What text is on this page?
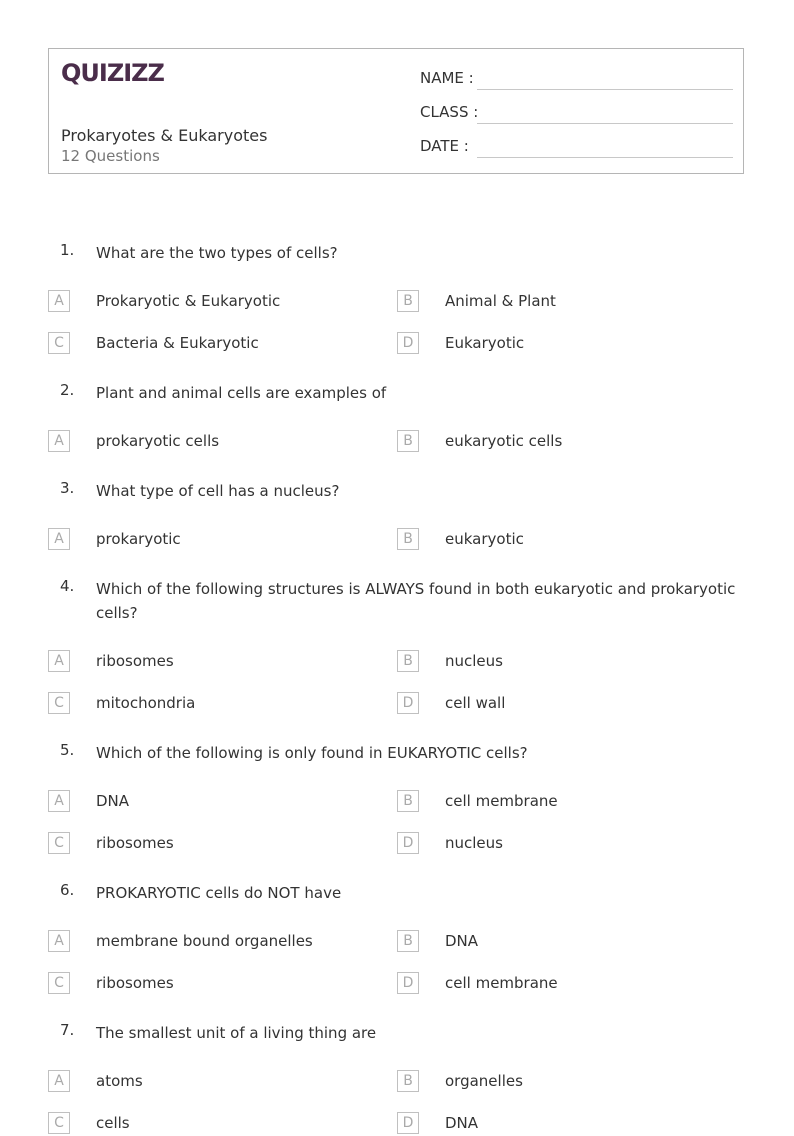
QUIZIZZ
Prokaryotes & Eukaryotes
12 Questions
NAME :
CLASS :
DATE :
1. What are the two types of cells?
A	Prokaryotic & Eukaryotic	B	Animal & Plant
C	Bacteria & Eukaryotic	D	Eukaryotic
2. Plant and animal cells are examples of
A	prokaryotic cells	B	eukaryotic cells
3. What type of cell has a nucleus?
A	prokaryotic	B	eukaryotic
4. Which of the following structures is ALWAYS found in both eukaryotic and prokaryotic cells?
A	ribosomes	B	nucleus
C	mitochondria	D	cell wall
5. Which of the following is only found in EUKARYOTIC cells?
A	DNA	B	cell membrane
C	ribosomes	D	nucleus
6. PROKARYOTIC cells do NOT have
A	membrane bound organelles	B	DNA
C	ribosomes	D	cell membrane
7. The smallest unit of a living thing are
A	atoms	B	organelles
C	cells	D	DNA
